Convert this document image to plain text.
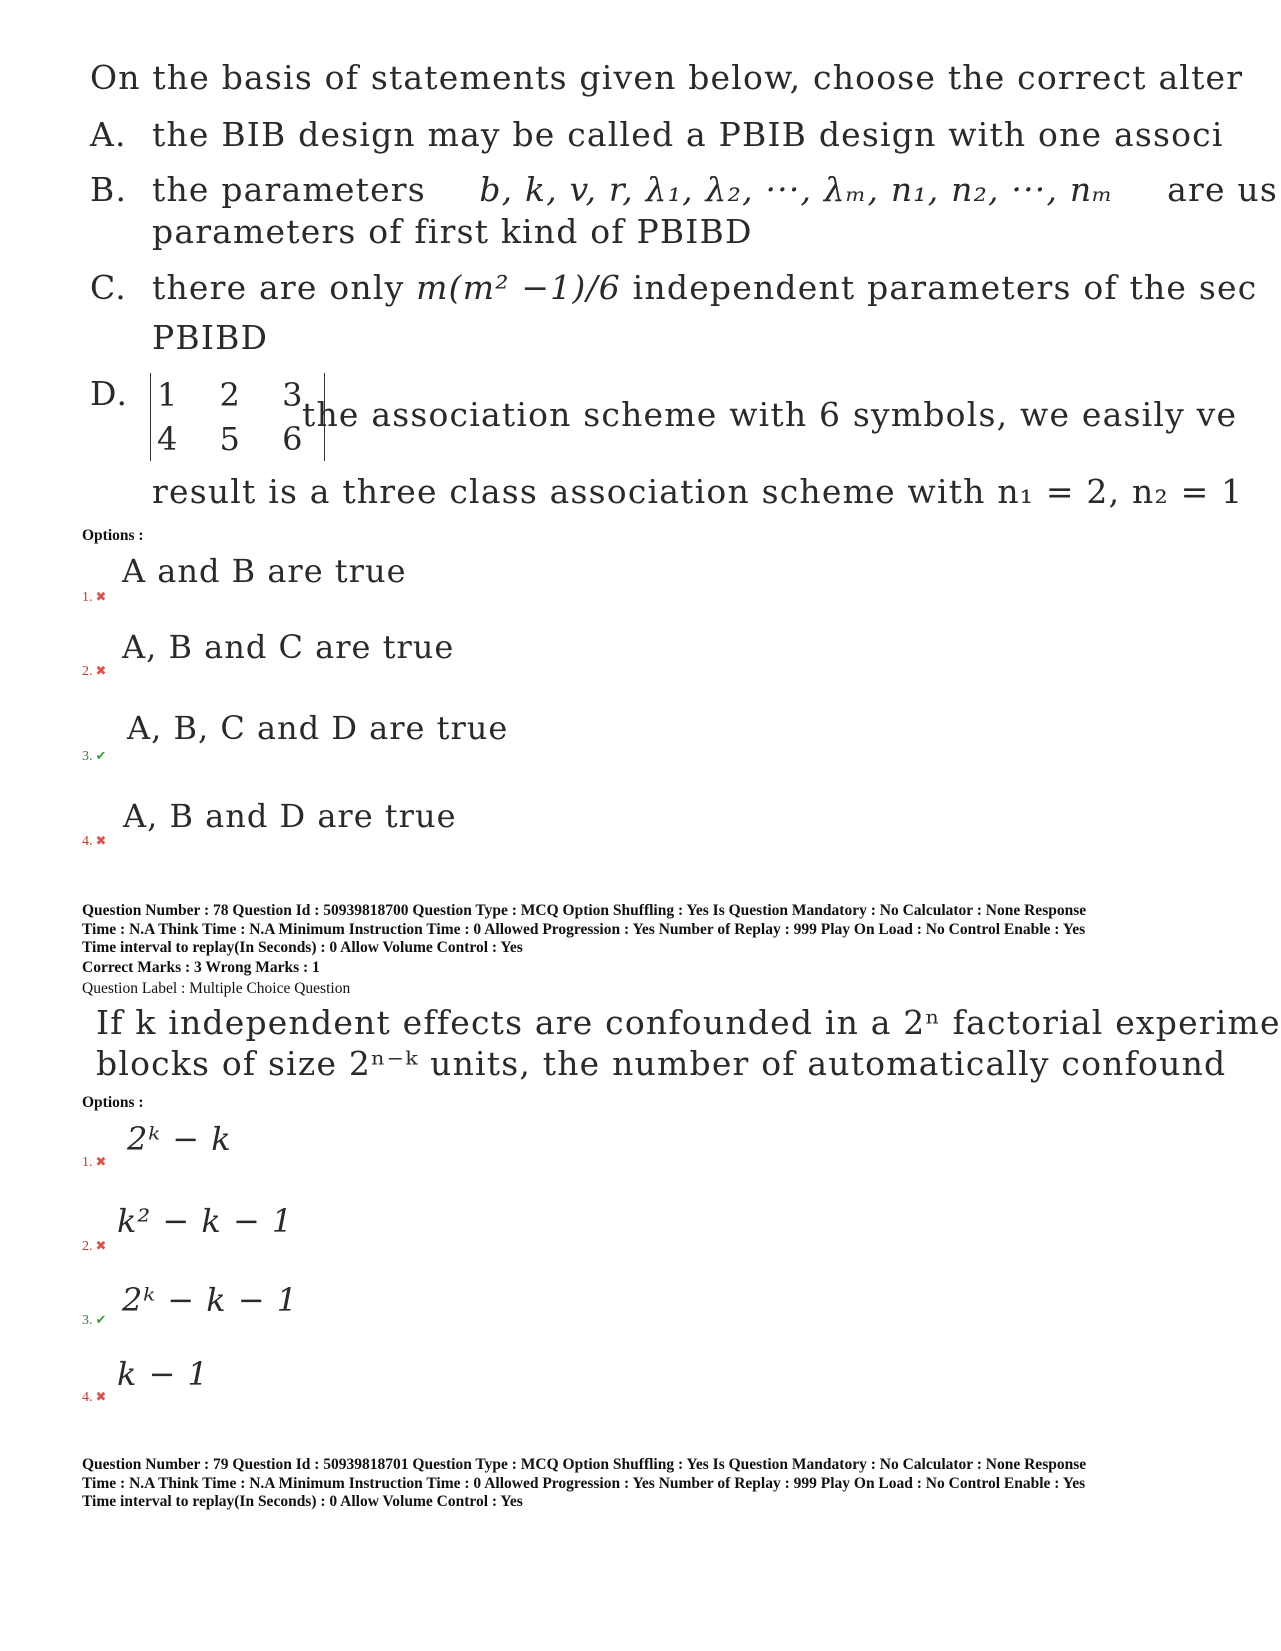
On the basis of statements given below, choose the correct alter
A. the BIB design may be called a PBIB design with one associ
B. the parameters b, k, v, r, λ₁, λ₂, ···, λₘ, n₁, n₂, ···, nₘ are us
parameters of first kind of PBIBD
C. there are only m(m² −1)/6 independent parameters of the sec
PBIBD
D. 1 2 3
4 5 6
the association scheme with 6 symbols, we easily ve
result is a three class association scheme with n₁ = 2, n₂ = 1
Options :
A and B are true
1. ✖
A, B and C are true
2. ✖
A, B, C and D are true
3. ✔
A, B and D are true
4. ✖
Question Number : 78 Question Id : 50939818700 Question Type : MCQ Option Shuffling : Yes Is Question Mandatory : No Calculator : None Response
Time : N.A Think Time : N.A Minimum Instruction Time : 0 Allowed Progression : Yes Number of Replay : 999 Play On Load : No Control Enable : Yes
Time interval to replay(In Seconds) : 0 Allow Volume Control : Yes
Correct Marks : 3 Wrong Marks : 1
Question Label : Multiple Choice Question
If k independent effects are confounded in a 2ⁿ factorial experime
blocks of size 2ⁿ⁻ᵏ units, the number of automatically confound
Options :
2ᵏ − k
1. ✖
k² − k − 1
2. ✖
2ᵏ − k − 1
3. ✔
k − 1
4. ✖
Question Number : 79 Question Id : 50939818701 Question Type : MCQ Option Shuffling : Yes Is Question Mandatory : No Calculator : None Response
Time : N.A Think Time : N.A Minimum Instruction Time : 0 Allowed Progression : Yes Number of Replay : 999 Play On Load : No Control Enable : Yes
Time interval to replay(In Seconds) : 0 Allow Volume Control : Yes
